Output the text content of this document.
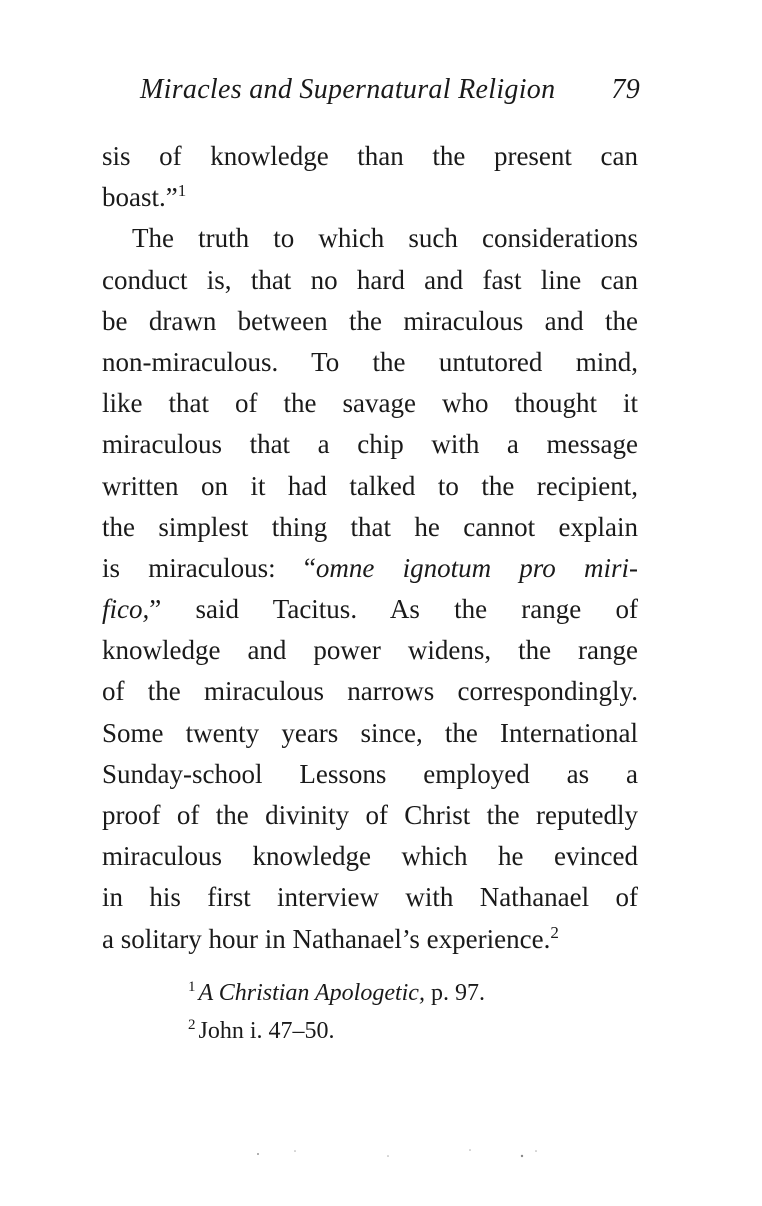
Miracles and Supernatural Religion 79
sis of knowledge than the present can
boast.”$^1$
The truth to which such considerations
conduct is, that no hard and fast line can
be drawn between the miraculous and the
non-miraculous. To the untutored mind,
like that of the savage who thought it
miraculous that a chip with a message
written on it had talked to the recipient,
the simplest thing that he cannot explain
is miraculous: “omne ignotum pro miri-
fico,” said Tacitus. As the range of
knowledge and power widens, the range
of the miraculous narrows correspondingly.
Some twenty years since, the International
Sunday-school Lessons employed as a
proof of the divinity of Christ the reputedly
miraculous knowledge which he evinced
in his first interview with Nathanael of
a solitary hour in Nathanael’s experience.$^2$
$^1$ A Christian Apologetic, p. 97.
$^2$ John i. 47–50.
